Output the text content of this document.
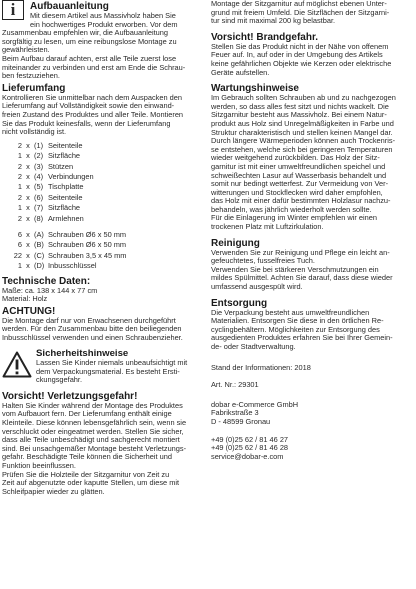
i	Aufbauanleitung

Mit diesem Artikel aus Massivholz haben Sie

ein hochwertiges Produkt erworben. Vor dem

Zusammenbau empfehlen wir, die Aufbauanleitung

sorgfältig zu lesen, um eine reibungslose Montage zu

gewährleisten.

Beim Aufbau darauf achten, erst alle Teile zuerst lose

miteinander zu verbinden und erst am Ende die Schrau-

ben festzuziehen.

Lieferumfang

Kontrollieren Sie unmittelbar nach dem Auspacken den

Lieferumfang auf Vollständigkeit sowie den einwand-

freien Zustand des Produktes und aller Teile. Montieren

Sie das Produkt keinesfalls, wenn der Lieferumfang

nicht vollständig ist.

2 x (1) Seitenteile
1 x (2) Sitzfläche
2 x (3) Stützen
2 x (4) Verbindungen
1 x (5) Tischplatte
2 x (6) Seitenteile
1 x (7) Sitzfläche
2 x (8) Armlehnen
6 x (A) Schrauben Ø6 x 50 mm
6 x (B) Schrauben Ø6 x 50 mm
22 x (C) Schrauben 3,5 x 45 mm
1 x (D) Inbusschlüssel
Technische Daten:

Maße: ca. 138 x 144 x 77 cm

Material: Holz

ACHTUNG!

Die Montage darf nur von Erwachsenen durchgeführt

werden. Für den Zusammenbau bitte den beiliegenden

Inbusschlüssel verwenden und einen Schraubenzieher.

Sicherheitshinweise

Lassen Sie Kinder niemals unbeaufsichtigt mit

dem Verpackungsmaterial. Es besteht Ersti-

ckungsgefahr.

Vorsicht! Verletzungsgefahr!

Halten Sie Kinder während der Montage des Produktes

vom Aufbauort fern. Der Lieferumfang enthält einige

Kleinteile. Diese können lebensgefährlich sein, wenn sie

verschluckt oder eingeatmet werden. Stellen Sie sicher,

dass alle Teile unbeschädigt und sachgerecht montiert

sind. Bei unsachgemäßer Montage besteht Verletzungs-

gefahr. Beschädigte Teile können die Sicherheit und

Funktion beeinflussen.

Prüfen Sie die Holzteile der Sitzgarnitur von Zeit zu

Zeit auf abgenutzte oder kaputte Stellen, um diese mit

Schleifpapier wieder zu glätten.

Montage der Sitzgarnitur auf möglichst ebenen Unter-

grund mit freiem Umfeld. Die Sitzflächen der Sitzgarni-

tur sind mit maximal 200 kg belastbar.

Vorsicht! Brandgefahr.

Stellen Sie das Produkt nicht in der Nähe von offenem

Feuer auf. In, auf oder in der Umgebung des Artikels

keine gefährlichen Objekte wie Kerzen oder elektrische

Geräte aufstellen.

Wartungshinweise

Im Gebrauch sollten Schrauben ab und zu nachgezogen

werden, so dass alles fest sitzt und nichts wackelt. Die

Sitzgarnitur besteht aus Massivholz. Bei einem Natur-

produkt aus Holz sind Unregelmäßigkeiten in Farbe und

Struktur charakteristisch und stellen keinen Mangel dar.

Durch längere Wärmeperioden können auch Trockenris-

se entstehen, welche sich bei geringeren Temperaturen

wieder weitgehend zurückbilden. Das Holz der Sitz-

garnitur ist mit einer umweltfreundlichen speichel und

schweißechten Lasur auf Wasserbasis behandelt und

somit nur bedingt wetterfest. Zur Vermeidung von Ver-

witterungen und Stockflecken wird daher empfohlen,

das Holz mit einer dafür bestimmten Holzlasur nachzu-

behandeln, was jährlich wiederholt werden sollte.

Für die Einlagerung im Winter empfehlen wir einen

trockenen Platz mit Luftzirkulation.

Reinigung

Verwenden Sie zur Reinigung und Pflege ein leicht an-

gefeuchtetes, fusselfreies Tuch.

Verwenden Sie bei stärkeren Verschmutzungen ein

mildes Spülmittel. Achten Sie darauf, dass diese wieder

umfassend ausgespült wird.

Entsorgung

Die Verpackung besteht aus umweltfreundlichen

Materialien. Entsorgen Sie diese in den örtlichen Re-

cyclingbehältern. Möglichkeiten zur Entsorgung des

ausgedienten Produktes erfahren Sie bei Ihrer Gemein-

de- oder Stadtverwaltung.

Stand der Informationen: 2018

Art. Nr.: 29301

dobar e-Commerce GmbH

Fabrikstraße 3

D - 48599 Gronau

+49 (0)25 62 / 81 46 27

+49 (0)25 62 / 81 46 28

service@dobar-e.com
